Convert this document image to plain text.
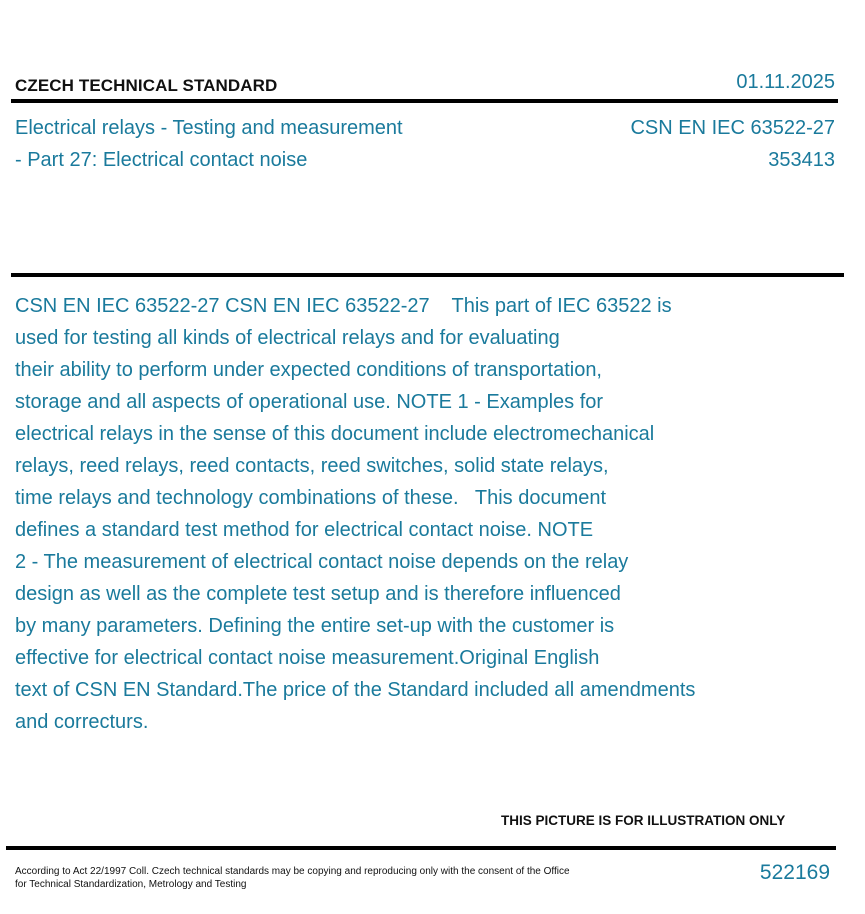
CZECH TECHNICAL STANDARD	01.11.2025
Electrical relays - Testing and measurement
- Part 27: Electrical contact noise
CSN EN IEC 63522-27
353413
CSN EN IEC 63522-27 CSN EN IEC 63522-27    This part of IEC 63522 is
used for testing all kinds of electrical relays and for evaluating
their ability to perform under expected conditions of transportation,
storage and all aspects of operational use. NOTE 1 - Examples for
electrical relays in the sense of this document include electromechanical
relays, reed relays, reed contacts, reed switches, solid state relays,
time relays and technology combinations of these.   This document
defines a standard test method for electrical contact noise. NOTE
2 - The measurement of electrical contact noise depends on the relay
design as well as the complete test setup and is therefore influenced
by many parameters. Defining the entire set-up with the customer is
effective for electrical contact noise measurement.Original English
text of CSN EN Standard.The price of the Standard included all amendments
and correcturs.
THIS PICTURE IS FOR ILLUSTRATION ONLY
According to Act 22/1997 Coll. Czech technical standards may be copying and reproducing only with the consent of the Office
for Technical Standardization, Metrology and Testing
522169
